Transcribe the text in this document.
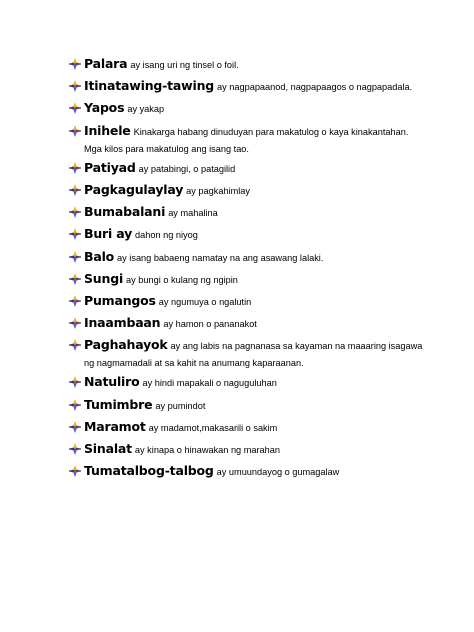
Palara ay isang uri ng tinsel o foil.
Itinatawing-tawing ay nagpapaanod, nagpapaagos o nagpapadala.
Yapos ay yakap
Inihele Kinakarga habang dinuduyan para makatulog o kaya kinakantahan. Mga kilos para makatulog ang isang tao.
Patiyad ay patabingi, o patagilid
Pagkagulaylay ay pagkahimlay
Bumabalani ay mahalina
Buri ay dahon ng niyog
Balo ay isang babaeng namatay na ang asawang lalaki.
Sungi ay bungi o kulang ng ngipin
Pumangos ay ngumuya o ngalutin
Inaambaan ay hamon o pananakot
Paghahayok ay ang labis na pagnanasa sa kayaman na maaaring isagawa ng nagmamadali at sa kahit na anumang kaparaanan.
Natuliro ay hindi mapakali o naguguluhan
Tumimbre ay pumindot
Maramot ay madamot,makasarili o sakim
Sinalat ay kinapa o hinawakan ng marahan
Tumatalbog-talbog ay umuundayog o gumagalaw
